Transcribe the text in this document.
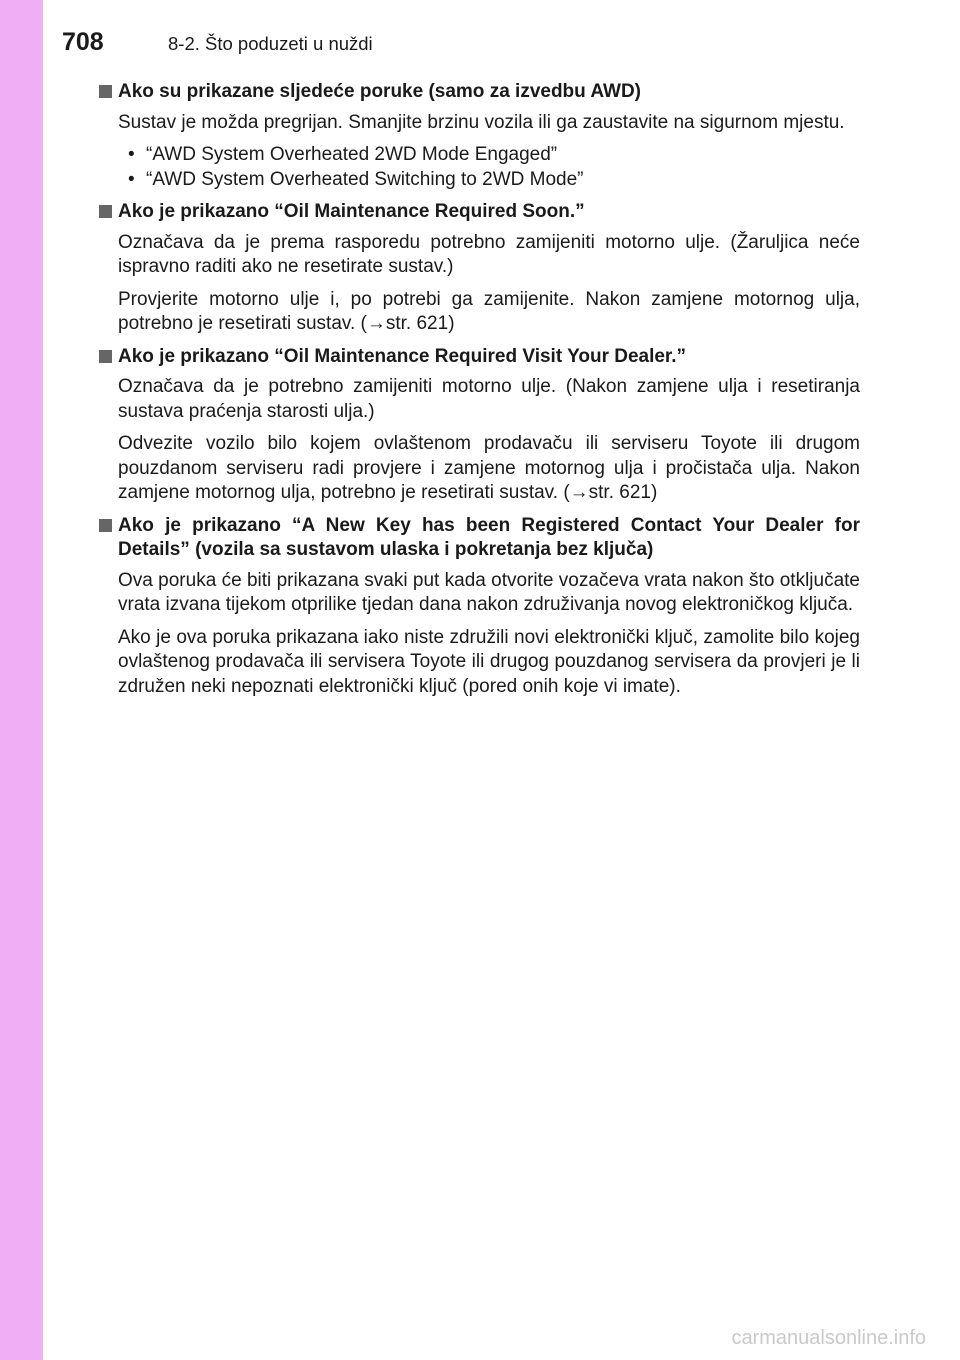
708	8-2. Što poduzeti u nuždi
Ako su prikazane sljedeće poruke (samo za izvedbu AWD)
Sustav je možda pregrijan. Smanjite brzinu vozila ili ga zaustavite na sigurnom mjestu.
• “AWD System Overheated 2WD Mode Engaged”
• “AWD System Overheated Switching to 2WD Mode”
Ako je prikazano “Oil Maintenance Required Soon.”
Označava da je prema rasporedu potrebno zamijeniti motorno ulje. (Žaruljica neće ispravno raditi ako ne resetirate sustav.)
Provjerite motorno ulje i, po potrebi ga zamijenite. Nakon zamjene motornog ulja, potrebno je resetirati sustav. (→str. 621)
Ako je prikazano “Oil Maintenance Required Visit Your Dealer.”
Označava da je potrebno zamijeniti motorno ulje. (Nakon zamjene ulja i resetiranja sustava praćenja starosti ulja.)
Odvezite vozilo bilo kojem ovlaštenom prodavaču ili serviseru Toyote ili drugom pouzdanom serviseru radi provjere i zamjene motornog ulja i pročistača ulja. Nakon zamjene motornog ulja, potrebno je resetirati sustav. (→str. 621)
Ako je prikazano “A New Key has been Registered Contact Your Dealer for Details” (vozila sa sustavom ulaska i pokretanja bez ključa)
Ova poruka će biti prikazana svaki put kada otvorite vozačeva vrata nakon što otključate vrata izvana tijekom otprilike tjedan dana nakon združivanja novog elektroničkog ključa.
Ako je ova poruka prikazana iako niste združili novi elektronički ključ, zamolite bilo kojeg ovlaštenog prodavača ili servisera Toyote ili drugog pouzdanog servisera da provjeri je li združen neki nepoznati elektronički ključ (pored onih koje vi imate).
carmanualsonline.info
